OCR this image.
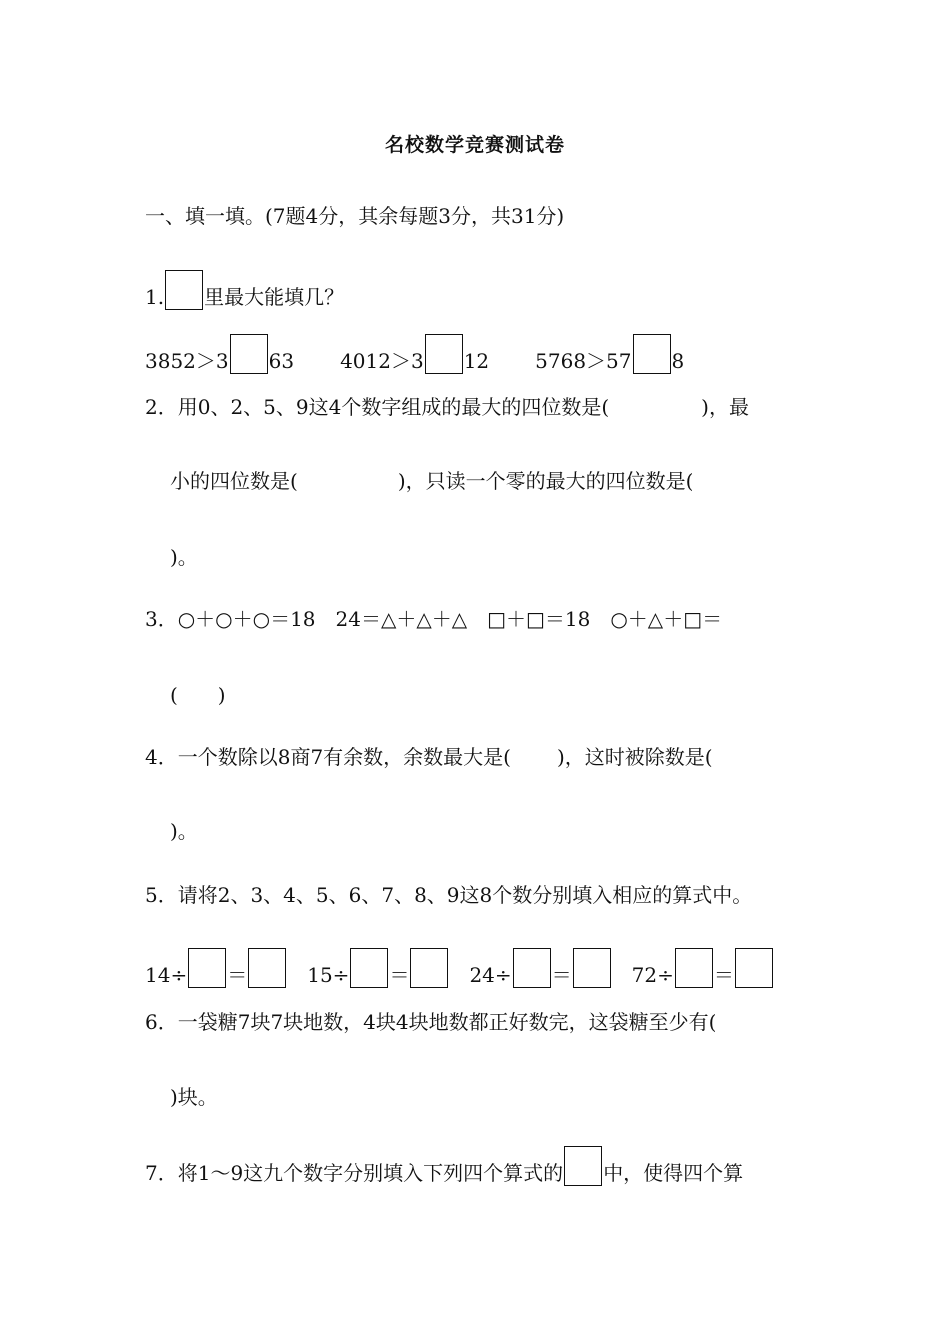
名校数学竞赛测试卷
一、填一填。(7题4分，其余每题3分，共31分)
1. 里最大能填几？
3852＞3 63 4012＞3 12 5768＞57 8
2．用0、2、5、9这4个数字组成的最大的四位数是(	)，最
小的四位数是(	)，只读一个零的最大的四位数是(
)。
3．○＋○＋○＝18　24＝△＋△＋△　□＋□＝18　○＋△＋□＝
(　　)
4．一个数除以8商7有余数，余数最大是( )，这时被除数是(
)。
5．请将2、3、4、5、6、7、8、9这8个数分别填入相应的算式中。
14÷ ＝	15÷ ＝	24÷ ＝	72÷ ＝
6．一袋糖7块7块地数，4块4块地数都正好数完，这袋糖至少有(
)块。
7．将1～9这九个数字分别填入下列四个算式的 中，使得四个算
